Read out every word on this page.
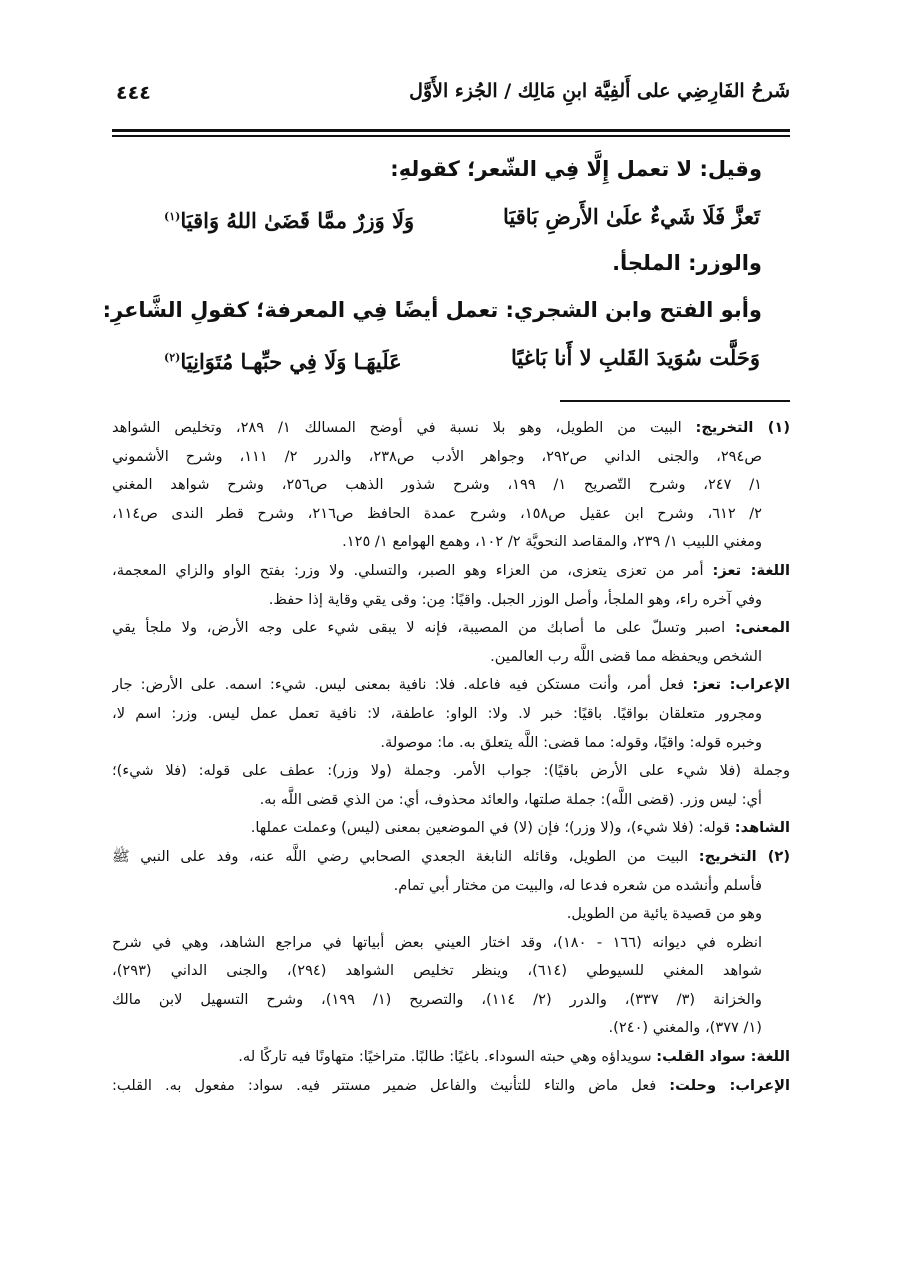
شَرحُ الفَارِضِي على أَلفِيَّة ابنِ مَالِك / الجُزء الأَوَّل
٤٤٤
وقيل: لا تعمل إِلَّا فِي الشّعر؛ كقولهِ:
تَعزَّ فَلَا شَيءٌ علَىٰ الأَرضِ بَاقيَا
وَلَا وَزرٌ ممَّا قَضَىٰ اللهُ وَاقيَا$^{(١)}$
والوزر: الملجأ.
وأبو الفتح وابن الشجري: تعمل أيضًا فِي المعرفة؛ كقولِ الشَّاعرِ:
وَحَلَّت سُوَيدَ القَلبِ لا أَنا بَاغيًا
عَلَيهَـا وَلَا فِي حبِّهـا مُتَوَانِيَا$^{(٢)}$
(١) التخريج: البيت من الطويل، وهو بلا نسبة في أوضح المسالك ١/ ٢٨٩، وتخليص الشواهد
ص٢٩٤، والجنى الداني ص٢٩٢، وجواهر الأدب ص٢٣٨، والدرر ٢/ ١١١، وشرح الأشموني
١/ ٢٤٧، وشرح التّصريح ١/ ١٩٩، وشرح شذور الذهب ص٢٥٦، وشرح شواهد المغني
٢/ ٦١٢، وشرح ابن عقيل ص١٥٨، وشرح عمدة الحافظ ص٢١٦، وشرح قطر الندى ص١١٤،
ومغني اللبيب ١/ ٢٣٩، والمقاصد النحويَّة ٢/ ١٠٢، وهمع الهوامع ١/ ١٢٥.
اللغة: تعز: أمر من تعزى يتعزى، من العزاء وهو الصبر، والتسلي. ولا وزر: بفتح الواو والزاي المعجمة،
وفي آخره راء، وهو الملجأ، وأصل الوزر الجبل. واقيًا: مِن: وقى يقي وقاية إذا حفظ.
المعنى: اصبر وتسلّ على ما أصابك من المصيبة، فإنه لا يبقى شيء على وجه الأرض، ولا ملجأ يقي
الشخص ويحفظه مما قضى اللَّه رب العالمين.
الإعراب: تعز: فعل أمر، وأنت مستكن فيه فاعله. فلا: نافية بمعنى ليس. شيء: اسمه. على الأرض: جار
ومجرور متعلقان بواقيًا. باقيًا: خبر لا. ولا: الواو: عاطفة، لا: نافية تعمل عمل ليس. وزر: اسم لا،
وخبره قوله: واقيًا، وقوله: مما قضى: اللَّه يتعلق به. ما: موصولة.
وجملة (فلا شيء على الأرض باقيًا): جواب الأمر. وجملة (ولا وزر): عطف على قوله: (فلا شيء)؛
أي: ليس وزر. (قضى اللَّه): جملة صلتها، والعائد محذوف، أي: من الذي قضى اللَّه به.
الشاهد: قوله: (فلا شيء)، و(لا وزر)؛ فإن (لا) في الموضعين بمعنى (ليس) وعملت عملها.
(٢) التخريج: البيت من الطويل، وقائله النابغة الجعدي الصحابي رضي اللَّه عنه، وفد على النبي ﷺ
فأسلم وأنشده من شعره فدعا له، والبيت من مختار أبي تمام.
وهو من قصيدة يائية من الطويل.
انظره في ديوانه (١٦٦ - ١٨٠)، وقد اختار العيني بعض أبياتها في مراجع الشاهد، وهي في شرح
شواهد المغني للسيوطي (٦١٤)، وينظر تخليص الشواهد (٢٩٤)، والجنى الداني (٢٩٣)،
والخزانة (٣/ ٣٣٧)، والدرر (٢/ ١١٤)، والتصريح (١/ ١٩٩)، وشرح التسهيل لابن مالك
(١/ ٣٧٧)، والمغني (٢٤٠).
اللغة: سواد القلب: سويداؤه وهي حبته السوداء. باغيًا: طالبًا. متراخيًا: متهاونًا فيه تاركًا له.
الإعراب: وحلت: فعل ماض والتاء للتأنيث والفاعل ضمير مستتر فيه. سواد: مفعول به. القلب:
